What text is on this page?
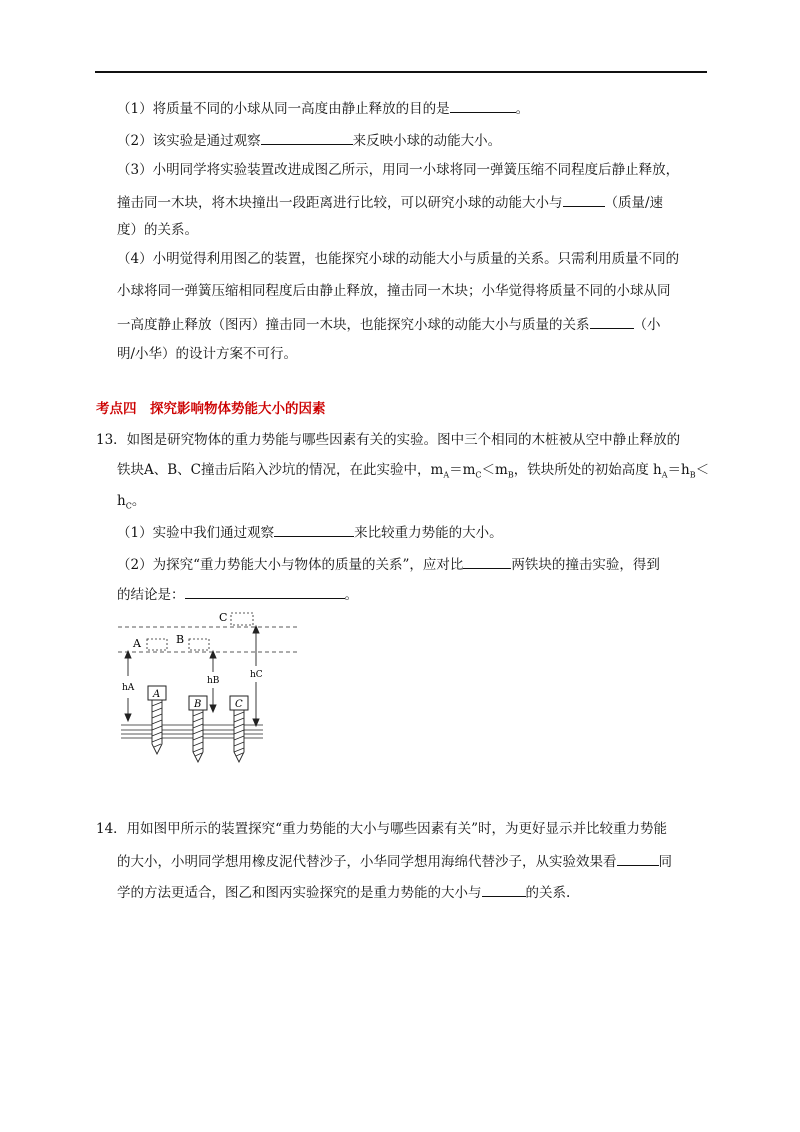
（1）将质量不同的小球从同一高度由静止释放的目的是	。
（2）该实验是通过观察	来反映小球的动能大小。
（3）小明同学将实验装置改进成图乙所示，用同一小球将同一弹簧压缩不同程度后静止释放，
撞击同一木块，将木块撞出一段距离进行比较，可以研究小球的动能大小与	（质量/速
度）的关系。
（4）小明觉得利用图乙的装置，也能探究小球的动能大小与质量的关系。只需利用质量不同的
小球将同一弹簧压缩相同程度后由静止释放，撞击同一木块；小华觉得将质量不同的小球从同
一高度静止释放（图丙）撞击同一木块，也能探究小球的动能大小与质量的关系	（小
明/小华）的设计方案不可行。
考点四　探究影响物体势能大小的因素
13．如图是研究物体的重力势能与哪些因素有关的实验。图中三个相同的木桩被从空中静止释放的
铁块A、B、C撞击后陷入沙坑的情况，在此实验中，$m_A=m_C<m_B$，铁块所处的初始高度 $h_A=h_B<$
$h_C$。
（1）实验中我们通过观察	来比较重力势能的大小。
（2）为探究“重力势能大小与物体的质量的关系”，应对比	两铁块的撞击实验，得到
的结论是：	。
C
A	B
hA
hB
hC
A
B	C
14．用如图甲所示的装置探究“重力势能的大小与哪些因素有关”时，为更好显示并比较重力势能
的大小，小明同学想用橡皮泥代替沙子，小华同学想用海绵代替沙子，从实验效果看	同
学的方法更适合，图乙和图丙实验探究的是重力势能的大小与	的关系.
